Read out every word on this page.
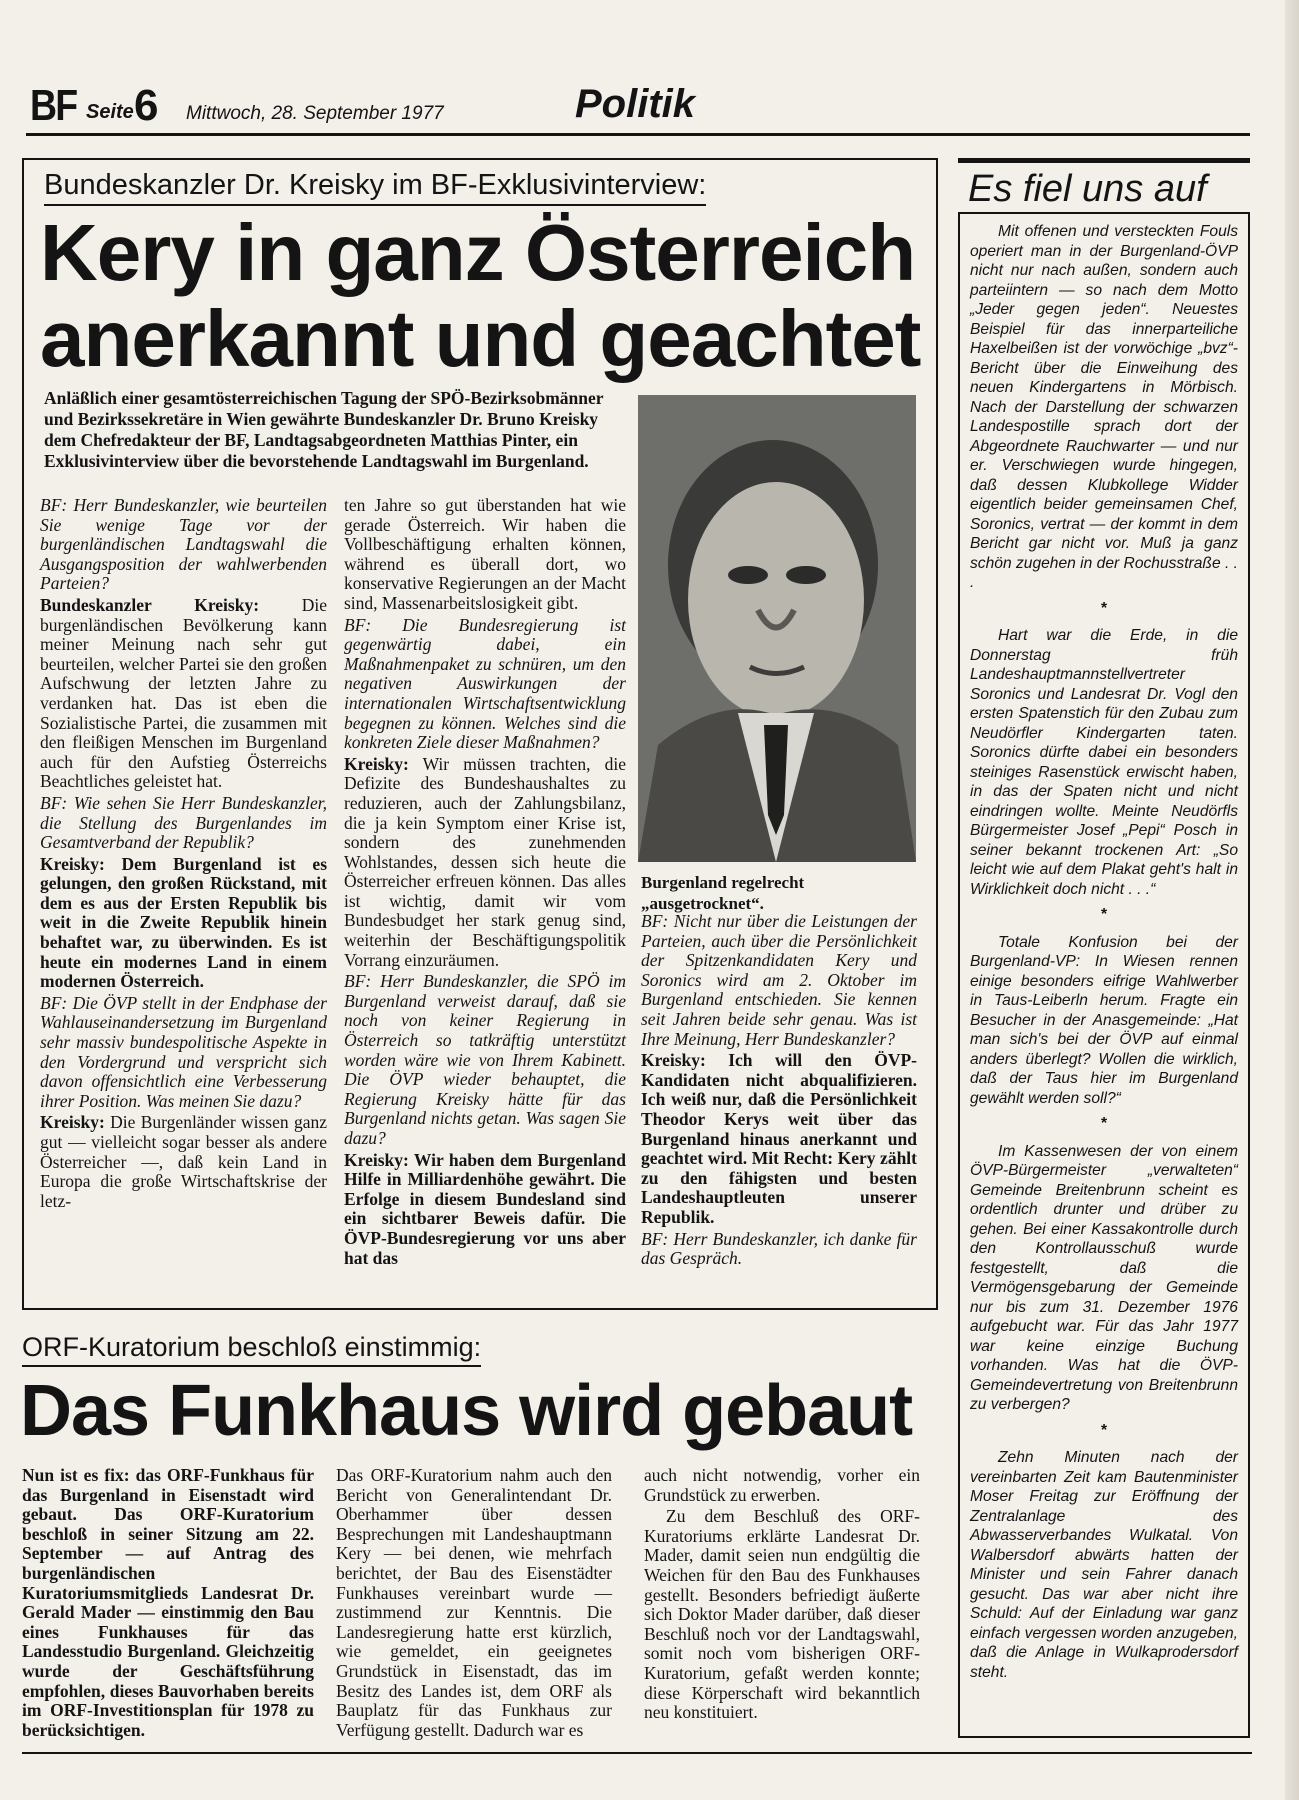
BF Seite 6 Mittwoch, 28. September 1977	Politik
Bundeskanzler Dr. Kreisky im BF-Exklusivinterview:
Kery in ganz Österreich
anerkannt und geachtet
Anläßlich einer gesamtösterreichischen Tagung der SPÖ-Bezirksobmänner und Bezirkssekretäre in Wien gewährte Bundeskanzler Dr. Bruno Kreisky dem Chefredakteur der BF, Landtagsabgeordneten Matthias Pinter, ein Exklusivinterview über die bevorstehende Landtagswahl im Burgenland.
Burgenland regelrecht „ausgetrocknet“.

BF: Herr Bundeskanzler, wie beurteilen Sie wenige Tage vor der burgenländischen Landtagswahl die Ausgangsposition der wahlwerbenden Parteien?

Bundeskanzler Kreisky: Die burgenländischen Bevölkerung kann meiner Meinung nach sehr gut beurteilen, welcher Partei sie den großen Aufschwung der letzten Jahre zu verdanken hat. Das ist eben die Sozialistische Partei, die zusammen mit den fleißigen Menschen im Burgenland auch für den Aufstieg Österreichs Beachtliches geleistet hat.

BF: Wie sehen Sie Herr Bundeskanzler, die Stellung des Burgenlandes im Gesamtverband der Republik?

Kreisky: Dem Burgenland ist es gelungen, den großen Rückstand, mit dem es aus der Ersten Republik bis weit in die Zweite Republik hinein behaftet war, zu überwinden. Es ist heute ein modernes Land in einem modernen Österreich.

BF: Die ÖVP stellt in der Endphase der Wahlauseinandersetzung im Burgenland sehr massiv bundespolitische Aspekte in den Vordergrund und verspricht sich davon offensichtlich eine Verbesserung ihrer Position. Was meinen Sie dazu?

Kreisky: Die Burgenländer wissen ganz gut — vielleicht sogar besser als andere Österreicher —, daß kein Land in Europa die große Wirtschaftskrise der letz-

ten Jahre so gut überstanden hat wie gerade Österreich. Wir haben die Vollbeschäftigung erhalten können, während es überall dort, wo konservative Regierungen an der Macht sind, Massenarbeitslosigkeit gibt.

BF: Die Bundesregierung ist gegenwärtig dabei, ein Maßnahmenpaket zu schnüren, um den negativen Auswirkungen der internationalen Wirtschaftsentwicklung begegnen zu können. Welches sind die konkreten Ziele dieser Maßnahmen?

Kreisky: Wir müssen trachten, die Defizite des Bundeshaushaltes zu reduzieren, auch der Zahlungsbilanz, die ja kein Symptom einer Krise ist, sondern des zunehmenden Wohlstandes, dessen sich heute die Österreicher erfreuen können. Das alles ist wichtig, damit wir vom Bundesbudget her stark genug sind, weiterhin der Beschäftigungspolitik Vorrang einzuräumen.

BF: Herr Bundeskanzler, die SPÖ im Burgenland verweist darauf, daß sie noch von keiner Regierung in Österreich so tatkräftig unterstützt worden wäre wie von Ihrem Kabinett. Die ÖVP wieder behauptet, die Regierung Kreisky hätte für das Burgenland nichts getan. Was sagen Sie dazu?

Kreisky: Wir haben dem Burgenland Hilfe in Milliardenhöhe gewährt. Die Erfolge in diesem Bundesland sind ein sichtbarer Beweis dafür. Die ÖVP-Bundesregierung vor uns aber hat das

BF: Nicht nur über die Leistungen der Parteien, auch über die Persönlichkeit der Spitzenkandidaten Kery und Soronics wird am 2. Oktober im Burgenland entschieden. Sie kennen seit Jahren beide sehr genau. Was ist Ihre Meinung, Herr Bundeskanzler?

Kreisky: Ich will den ÖVP-Kandidaten nicht abqualifizieren. Ich weiß nur, daß die Persönlichkeit Theodor Kerys weit über das Burgenland hinaus anerkannt und geachtet wird. Mit Recht: Kery zählt zu den fähigsten und besten Landeshauptleuten unserer Republik.

BF: Herr Bundeskanzler, ich danke für das Gespräch.

ORF-Kuratorium beschloß einstimmig:
Das Funkhaus wird gebaut
Nun ist es fix: das ORF-Funkhaus für das Burgenland in Eisenstadt wird gebaut. Das ORF-Kuratorium beschloß in seiner Sitzung am 22. September — auf Antrag des burgenländischen Kuratoriumsmitglieds Landesrat Dr. Gerald Mader — einstimmig den Bau eines Funkhauses für das Landesstudio Burgenland. Gleichzeitig wurde der Geschäftsführung empfohlen, dieses Bauvorhaben bereits im ORF-Investitionsplan für 1978 zu berücksichtigen.
Das ORF-Kuratorium nahm auch den Bericht von Generalintendant Dr. Oberhammer über dessen Besprechungen mit Landeshauptmann Kery — bei denen, wie mehrfach berichtet, der Bau des Eisenstädter Funkhauses vereinbart wurde — zustimmend zur Kenntnis. Die Landesregierung hatte erst kürzlich, wie gemeldet, ein geeignetes Grundstück in Eisenstadt, das im Besitz des Landes ist, dem ORF als Bauplatz für das Funkhaus zur Verfügung gestellt. Dadurch war es

auch nicht notwendig, vorher ein Grundstück zu erwerben.

Zu dem Beschluß des ORF-Kuratoriums erklärte Landesrat Dr. Mader, damit seien nun endgültig die Weichen für den Bau des Funkhauses gestellt. Besonders befriedigt äußerte sich Doktor Mader darüber, daß dieser Beschluß noch vor der Landtagswahl, somit noch vom bisherigen ORF-Kuratorium, gefaßt werden konnte; diese Körperschaft wird bekanntlich neu konstituiert.

Es fiel uns auf

Mit offenen und versteckten Fouls operiert man in der Burgenland-ÖVP nicht nur nach außen, sondern auch parteiintern — so nach dem Motto „Jeder gegen jeden“. Neuestes Beispiel für das innerparteiliche Haxelbeißen ist der vorwöchige „bvz“-Bericht über die Einweihung des neuen Kindergartens in Mörbisch. Nach der Darstellung der schwarzen Landespostille sprach dort der Abgeordnete Rauchwarter — und nur er. Verschwiegen wurde hingegen, daß dessen Klubkollege Widder eigentlich beider gemeinsamen Chef, Soronics, vertrat — der kommt in dem Bericht gar nicht vor. Muß ja ganz schön zugehen in der Rochusstraße . . .

*

Hart war die Erde, in die Donnerstag früh Landeshauptmannstellvertreter Soronics und Landesrat Dr. Vogl den ersten Spatenstich für den Zubau zum Neudörfler Kindergarten taten. Soronics dürfte dabei ein besonders steiniges Rasenstück erwischt haben, in das der Spaten nicht und nicht eindringen wollte. Meinte Neudörfls Bürgermeister Josef „Pepi“ Posch in seiner bekannt trockenen Art: „So leicht wie auf dem Plakat geht's halt in Wirklichkeit doch nicht . . .“

*

Totale Konfusion bei der Burgenland-VP: In Wiesen rennen einige besonders eifrige Wahlwerber in Taus-Leiberln herum. Fragte ein Besucher in der Anasgemeinde: „Hat man sich's bei der ÖVP auf einmal anders überlegt? Wollen die wirklich, daß der Taus hier im Burgenland gewählt werden soll?“

*

Im Kassenwesen der von einem ÖVP-Bürgermeister „verwalteten“ Gemeinde Breitenbrunn scheint es ordentlich drunter und drüber zu gehen. Bei einer Kassakontrolle durch den Kontrollausschuß wurde festgestellt, daß die Vermögensgebarung der Gemeinde nur bis zum 31. Dezember 1976 aufgebucht war. Für das Jahr 1977 war keine einzige Buchung vorhanden. Was hat die ÖVP-Gemeindevertretung von Breitenbrunn zu verbergen?

*

Zehn Minuten nach der vereinbarten Zeit kam Bautenminister Moser Freitag zur Eröffnung der Zentralanlage des Abwasserverbandes Wulkatal. Von Walbersdorf abwärts hatten der Minister und sein Fahrer danach gesucht. Das war aber nicht ihre Schuld: Auf der Einladung war ganz einfach vergessen worden anzugeben, daß die Anlage in Wulkaprodersdorf steht.
